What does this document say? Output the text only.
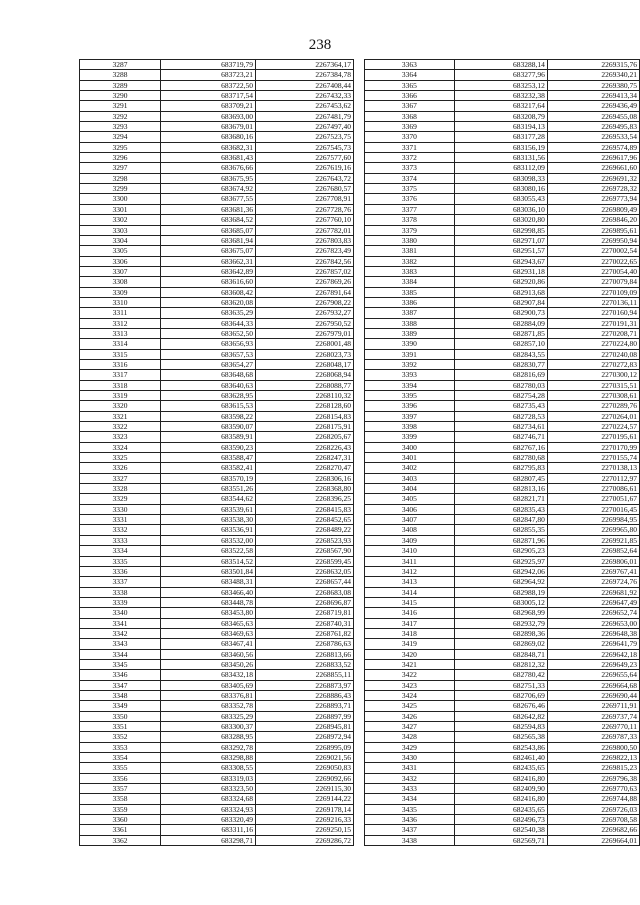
238
3287	683719,79	2267364,17
3288	683723,21	2267384,78
3289	683722,50	2267408,44
3290	683717,54	2267432,33
3291	683709,21	2267453,62
3292	683693,00	2267481,79
3293	683679,01	2267497,40
3294	683680,16	2267523,75
3295	683682,31	2267545,73
3296	683681,43	2267577,60
3297	683676,66	2267619,16
3298	683675,95	2267643,72
3299	683674,92	2267680,57
3300	683677,55	2267708,91
3301	683681,36	2267728,76
3302	683684,52	2267760,10
3303	683685,07	2267782,01
3304	683681,94	2267803,83
3305	683675,07	2267823,49
3306	683662,31	2267842,56
3307	683642,89	2267857,02
3308	683616,60	2267869,26
3309	683608,42	2267891,64
3310	683620,08	2267908,22
3311	683635,29	2267932,27
3312	683644,33	2267950,52
3313	683652,50	2267979,01
3314	683656,93	2268001,48
3315	683657,53	2268023,73
3316	683654,27	2268048,17
3317	683648,68	2268068,94
3318	683640,63	2268088,77
3319	683628,95	2268110,32
3320	683615,53	2268128,60
3321	683598,22	2268154,83
3322	683590,07	2268175,91
3323	683589,91	2268205,67
3324	683590,23	2268226,43
3325	683588,47	2268247,31
3326	683582,41	2268270,47
3327	683570,19	2268306,16
3328	683551,26	2268368,80
3329	683544,62	2268396,25
3330	683539,61	2268415,83
3331	683538,30	2268452,65
3332	683536,91	2268489,22
3333	683532,00	2268523,93
3334	683522,58	2268567,90
3335	683514,52	2268599,45
3336	683501,84	2268632,05
3337	683488,31	2268657,44
3338	683466,40	2268683,08
3339	683448,78	2268696,87
3340	683453,80	2268719,81
3341	683465,63	2268740,31
3342	683469,63	2268761,82
3343	683467,41	2268786,63
3344	683460,56	2268813,66
3345	683450,26	2268833,52
3346	683432,18	2268855,11
3347	683405,69	2268873,97
3348	683376,81	2268886,43
3349	683352,78	2268893,71
3350	683325,29	2268897,99
3351	683300,37	2268945,81
3352	683288,95	2268972,94
3353	683292,78	2268995,09
3354	683298,88	2269021,56
3355	683308,55	2269050,83
3356	683319,03	2269092,66
3357	683323,50	2269115,30
3358	683324,68	2269144,22
3359	683324,93	2269178,14
3360	683320,49	2269216,33
3361	683311,16	2269250,15
3362	683298,71	2269286,72
3363	683288,14	2269315,76
3364	683277,96	2269340,21
3365	683253,12	2269380,75
3366	683232,38	2269413,34
3367	683217,64	2269436,49
3368	683208,79	2269455,08
3369	683194,13	2269495,83
3370	683177,28	2269533,54
3371	683156,19	2269574,89
3372	683131,56	2269617,96
3373	683112,09	2269661,60
3374	683098,33	2269691,32
3375	683080,16	2269728,32
3376	683055,43	2269773,94
3377	683036,10	2269809,49
3378	683020,80	2269846,20
3379	682998,85	2269895,61
3380	682971,07	2269950,94
3381	682951,57	2270002,54
3382	682943,67	2270022,65
3383	682931,18	2270054,40
3384	682920,86	2270079,84
3385	682913,68	2270109,09
3386	682907,84	2270136,11
3387	682900,73	2270160,94
3388	682884,09	2270191,31
3389	682871,85	2270208,71
3390	682857,10	2270224,80
3391	682843,55	2270240,08
3392	682830,77	2270272,83
3393	682816,69	2270300,12
3394	682780,03	2270315,51
3395	682754,28	2270308,61
3396	682735,43	2270289,76
3397	682728,53	2270264,01
3398	682734,61	2270224,57
3399	682746,71	2270195,61
3400	682767,16	2270170,99
3401	682780,68	2270155,74
3402	682795,83	2270138,13
3403	682807,45	2270112,97
3404	682813,16	2270086,61
3405	682821,71	2270051,67
3406	682835,43	2270016,45
3407	682847,80	2269984,95
3408	682855,35	2269965,80
3409	682871,96	2269921,85
3410	682905,23	2269852,64
3411	682925,97	2269806,01
3412	682942,06	2269767,41
3413	682964,92	2269724,76
3414	682988,19	2269681,92
3415	683005,12	2269647,49
3416	682968,99	2269652,74
3417	682932,79	2269653,00
3418	682898,36	2269648,38
3419	682869,02	2269641,79
3420	682848,71	2269642,18
3421	682812,32	2269649,23
3422	682780,42	2269655,64
3423	682751,33	2269664,68
3424	682706,69	2269690,44
3425	682676,46	2269711,91
3426	682642,82	2269737,74
3427	682594,83	2269770,11
3428	682565,38	2269787,33
3429	682543,86	2269800,50
3430	682461,40	2269822,13
3431	682435,65	2269815,23
3432	682416,80	2269796,38
3433	682409,90	2269770,63
3434	682416,80	2269744,88
3435	682435,65	2269726,03
3436	682496,73	2269708,58
3437	682540,38	2269682,66
3438	682569,71	2269664,01
